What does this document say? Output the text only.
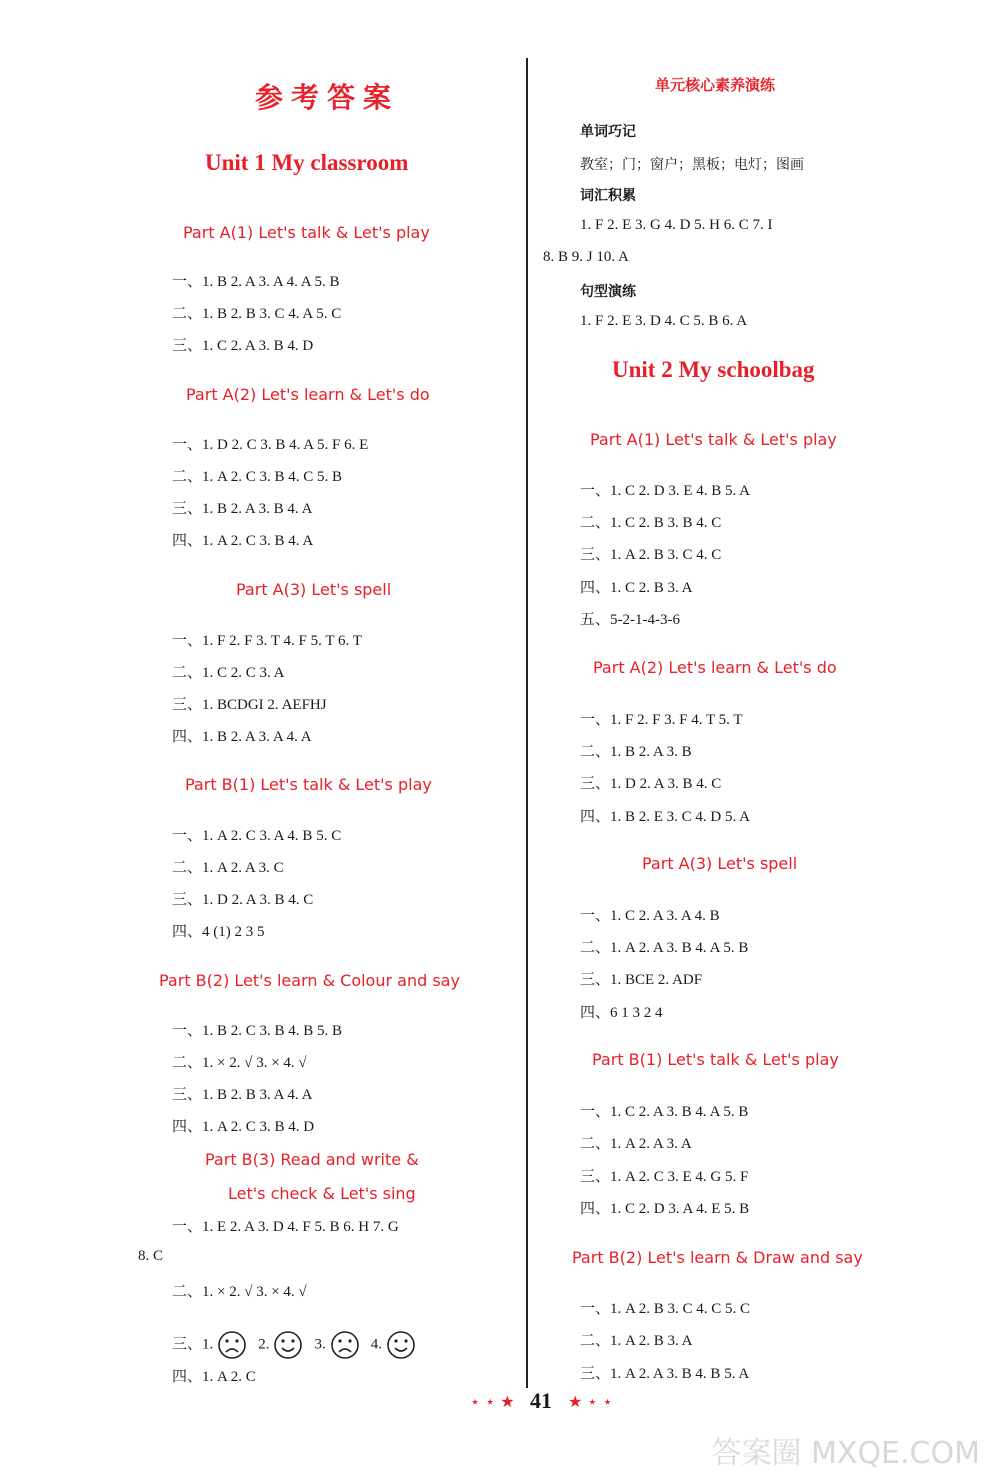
参考答案
Unit 1 My classroom
Part A(1) Let's talk & Let's play
一、1. B 2. A 3. A 4. A 5. B
二、1. B 2. B 3. C 4. A 5. C
三、1. C 2. A 3. B 4. D
Part A(2) Let's learn & Let's do
一、1. D 2. C 3. B 4. A 5. F 6. E
二、1. A 2. C 3. B 4. C 5. B
三、1. B 2. A 3. B 4. A
四、1. A 2. C 3. B 4. A
Part A(3) Let's spell
一、1. F 2. F 3. T 4. F 5. T 6. T
二、1. C 2. C 3. A
三、1. BCDGI 2. AEFHJ
四、1. B 2. A 3. A 4. A
Part B(1) Let's talk & Let's play
一、1. A 2. C 3. A 4. B 5. C
二、1. A 2. A 3. C
三、1. D 2. A 3. B 4. C
四、4 (1) 2 3 5
Part B(2) Let's learn & Colour and say
一、1. B 2. C 3. B 4. B 5. B
二、1. × 2. √ 3. × 4. √
三、1. B 2. B 3. A 4. A
四、1. A 2. C 3. B 4. D
Part B(3) Read and write &
Let's check & Let's sing
一、1. E 2. A 3. D 4. F 5. B 6. H 7. G
8. C
二、1. × 2. √ 3. × 4. √
三、1.	2.	3.	4.
四、1. A 2. C
单元核心素养演练
单词巧记
教室；门；窗户；黑板；电灯；图画
词汇积累
1. F 2. E 3. G 4. D 5. H 6. C 7. I
8. B 9. J 10. A
句型演练
1. F 2. E 3. D 4. C 5. B 6. A
Unit 2 My schoolbag
Part A(1) Let's talk & Let's play
一、1. C 2. D 3. E 4. B 5. A
二、1. C 2. B 3. B 4. C
三、1. A 2. B 3. C 4. C
四、1. C 2. B 3. A
五、5-2-1-4-3-6
Part A(2) Let's learn & Let's do
一、1. F 2. F 3. F 4. T 5. T
二、1. B 2. A 3. B
三、1. D 2. A 3. B 4. C
四、1. B 2. E 3. C 4. D 5. A
Part A(3) Let's spell
一、1. C 2. A 3. A 4. B
二、1. A 2. A 3. B 4. A 5. B
三、1. BCE 2. ADF
四、6 1 3 2 4
Part B(1) Let's talk & Let's play
一、1. C 2. A 3. B 4. A 5. B
二、1. A 2. A 3. A
三、1. A 2. C 3. E 4. G 5. F
四、1. C 2. D 3. A 4. E 5. B
Part B(2) Let's learn & Draw and say
一、1. A 2. B 3. C 4. C 5. C
二、1. A 2. B 3. A
三、1. A 2. A 3. B 4. B 5. A
⋆ ⋆ ★ 41 ★ ⋆ ⋆
答案圈 MXQE.COM
